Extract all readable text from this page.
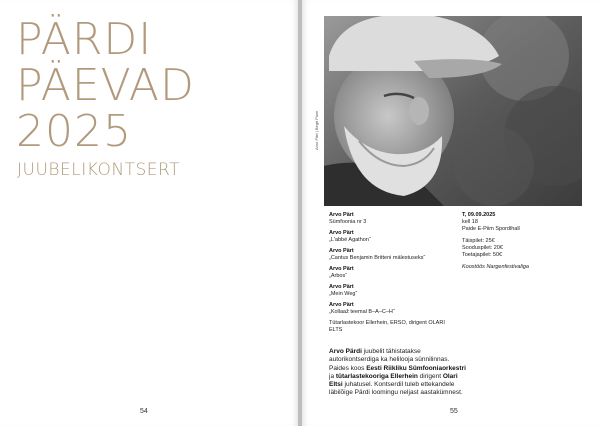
PÄRDI
PÄEVAD
2025
JUUBELIKONTSERT
54
Arvo Pärt | Birgit Püve
Arvo Pärt
Sümfoonia nr 3
Arvo Pärt
„L'abbé Agathon“
Arvo Pärt
„Cantus Benjamin Britteni mälestuseks“
Arvo Pärt
„Arbos“
Arvo Pärt
„Mein Weg“
Arvo Pärt
„Kollaaž teemal B–A–C–H“
Tütarlastekoor Ellerhein, ERSO, dirigent OLARI ELTS
T, 09.09.2025
kell 18
Paide E-Piim Spordihall
Täispilet: 25€
Sooduspilet: 20€
Toetajapilet: 50€
Koostöös Nargenfestivaliga
Arvo Pärdi juubelit tähistatakse autorikontserdiga ka helilooja sünnilinnas. Paides koos Eesti Riikliku Sümfooniaorkestri ja tütarlastekooriga Ellerhein dirigent Olari Eltsi juhatusel. Kontserdil tuleb ettekandele läbilõige Pärdi loomingu neljast aastakümnest.
55
